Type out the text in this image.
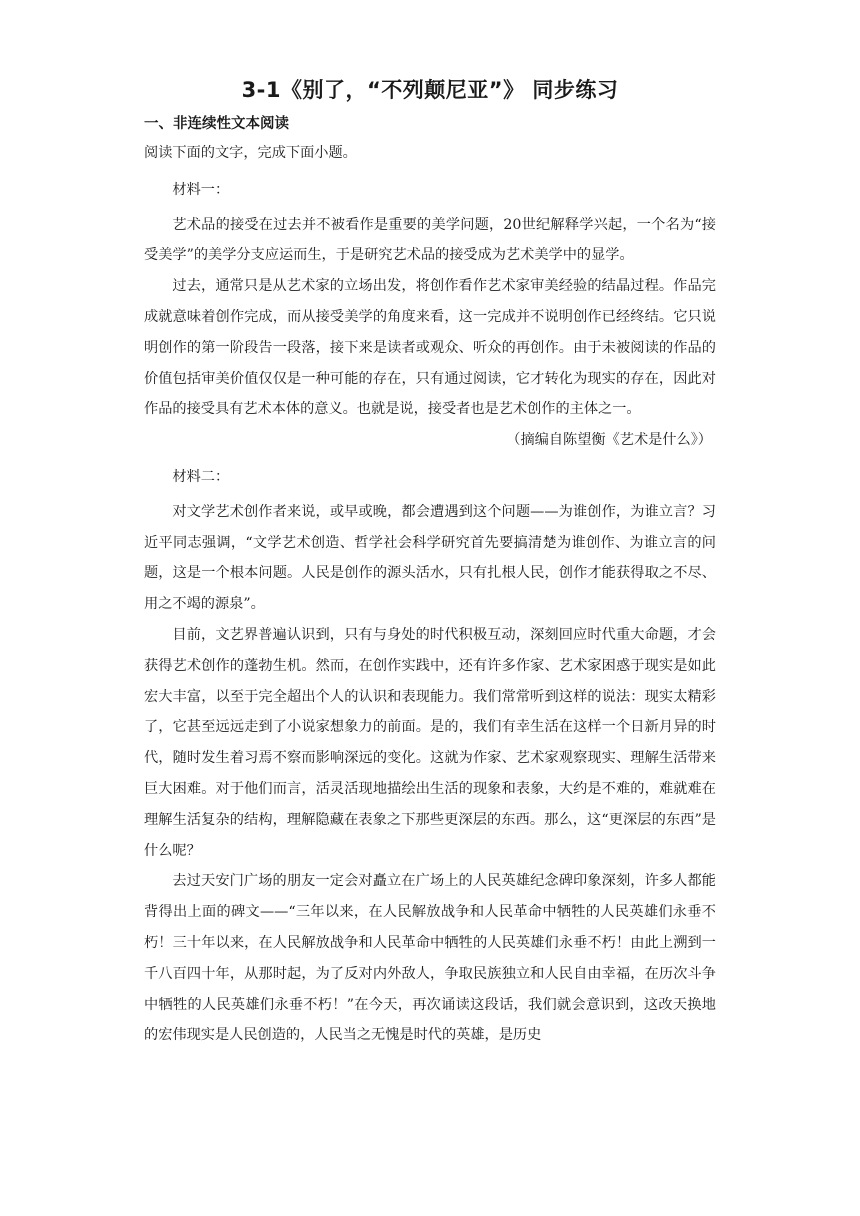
3-1《别了，“不列颠尼亚”》 同步练习
一、非连续性文本阅读

阅读下面的文字，完成下面小题。

材料一：

艺术品的接受在过去并不被看作是重要的美学问题，20世纪解释学兴起，一个名为“接受美学”的美学分支应运而生，于是研究艺术品的接受成为艺术美学中的显学。

过去，通常只是从艺术家的立场出发，将创作看作艺术家审美经验的结晶过程。作品完成就意味着创作完成，而从接受美学的角度来看，这一完成并不说明创作已经终结。它只说明创作的第一阶段告一段落，接下来是读者或观众、听众的再创作。由于未被阅读的作品的价值包括审美价值仅仅是一种可能的存在，只有通过阅读，它才转化为现实的存在，因此对作品的接受具有艺术本体的意义。也就是说，接受者也是艺术创作的主体之一。

（摘编自陈望衡《艺术是什么》）

材料二：

对文学艺术创作者来说，或早或晚，都会遭遇到这个问题——为谁创作，为谁立言？习近平同志强调，“文学艺术创造、哲学社会科学研究首先要搞清楚为谁创作、为谁立言的问题，这是一个根本问题。人民是创作的源头活水，只有扎根人民，创作才能获得取之不尽、用之不竭的源泉”。

目前，文艺界普遍认识到，只有与身处的时代积极互动，深刻回应时代重大命题，才会获得艺术创作的蓬勃生机。然而，在创作实践中，还有许多作家、艺术家困惑于现实是如此宏大丰富，以至于完全超出个人的认识和表现能力。我们常常听到这样的说法：现实太精彩了，它甚至远远走到了小说家想象力的前面。是的，我们有幸生活在这样一个日新月异的时代，随时发生着习焉不察而影响深远的变化。这就为作家、艺术家观察现实、理解生活带来巨大困难。对于他们而言，活灵活现地描绘出生活的现象和表象，大约是不难的，难就难在理解生活复杂的结构，理解隐藏在表象之下那些更深层的东西。那么，这“更深层的东西”是什么呢？

去过天安门广场的朋友一定会对矗立在广场上的人民英雄纪念碑印象深刻，许多人都能背得出上面的碑文——“三年以来，在人民解放战争和人民革命中牺牲的人民英雄们永垂不朽！三十年以来，在人民解放战争和人民革命中牺牲的人民英雄们永垂不朽！由此上溯到一千八百四十年，从那时起，为了反对内外敌人，争取民族独立和人民自由幸福，在历次斗争中牺牲的人民英雄们永垂不朽！”在今天，再次诵读这段话，我们就会意识到，这改天换地的宏伟现实是人民创造的，人民当之无愧是时代的英雄，是历史
